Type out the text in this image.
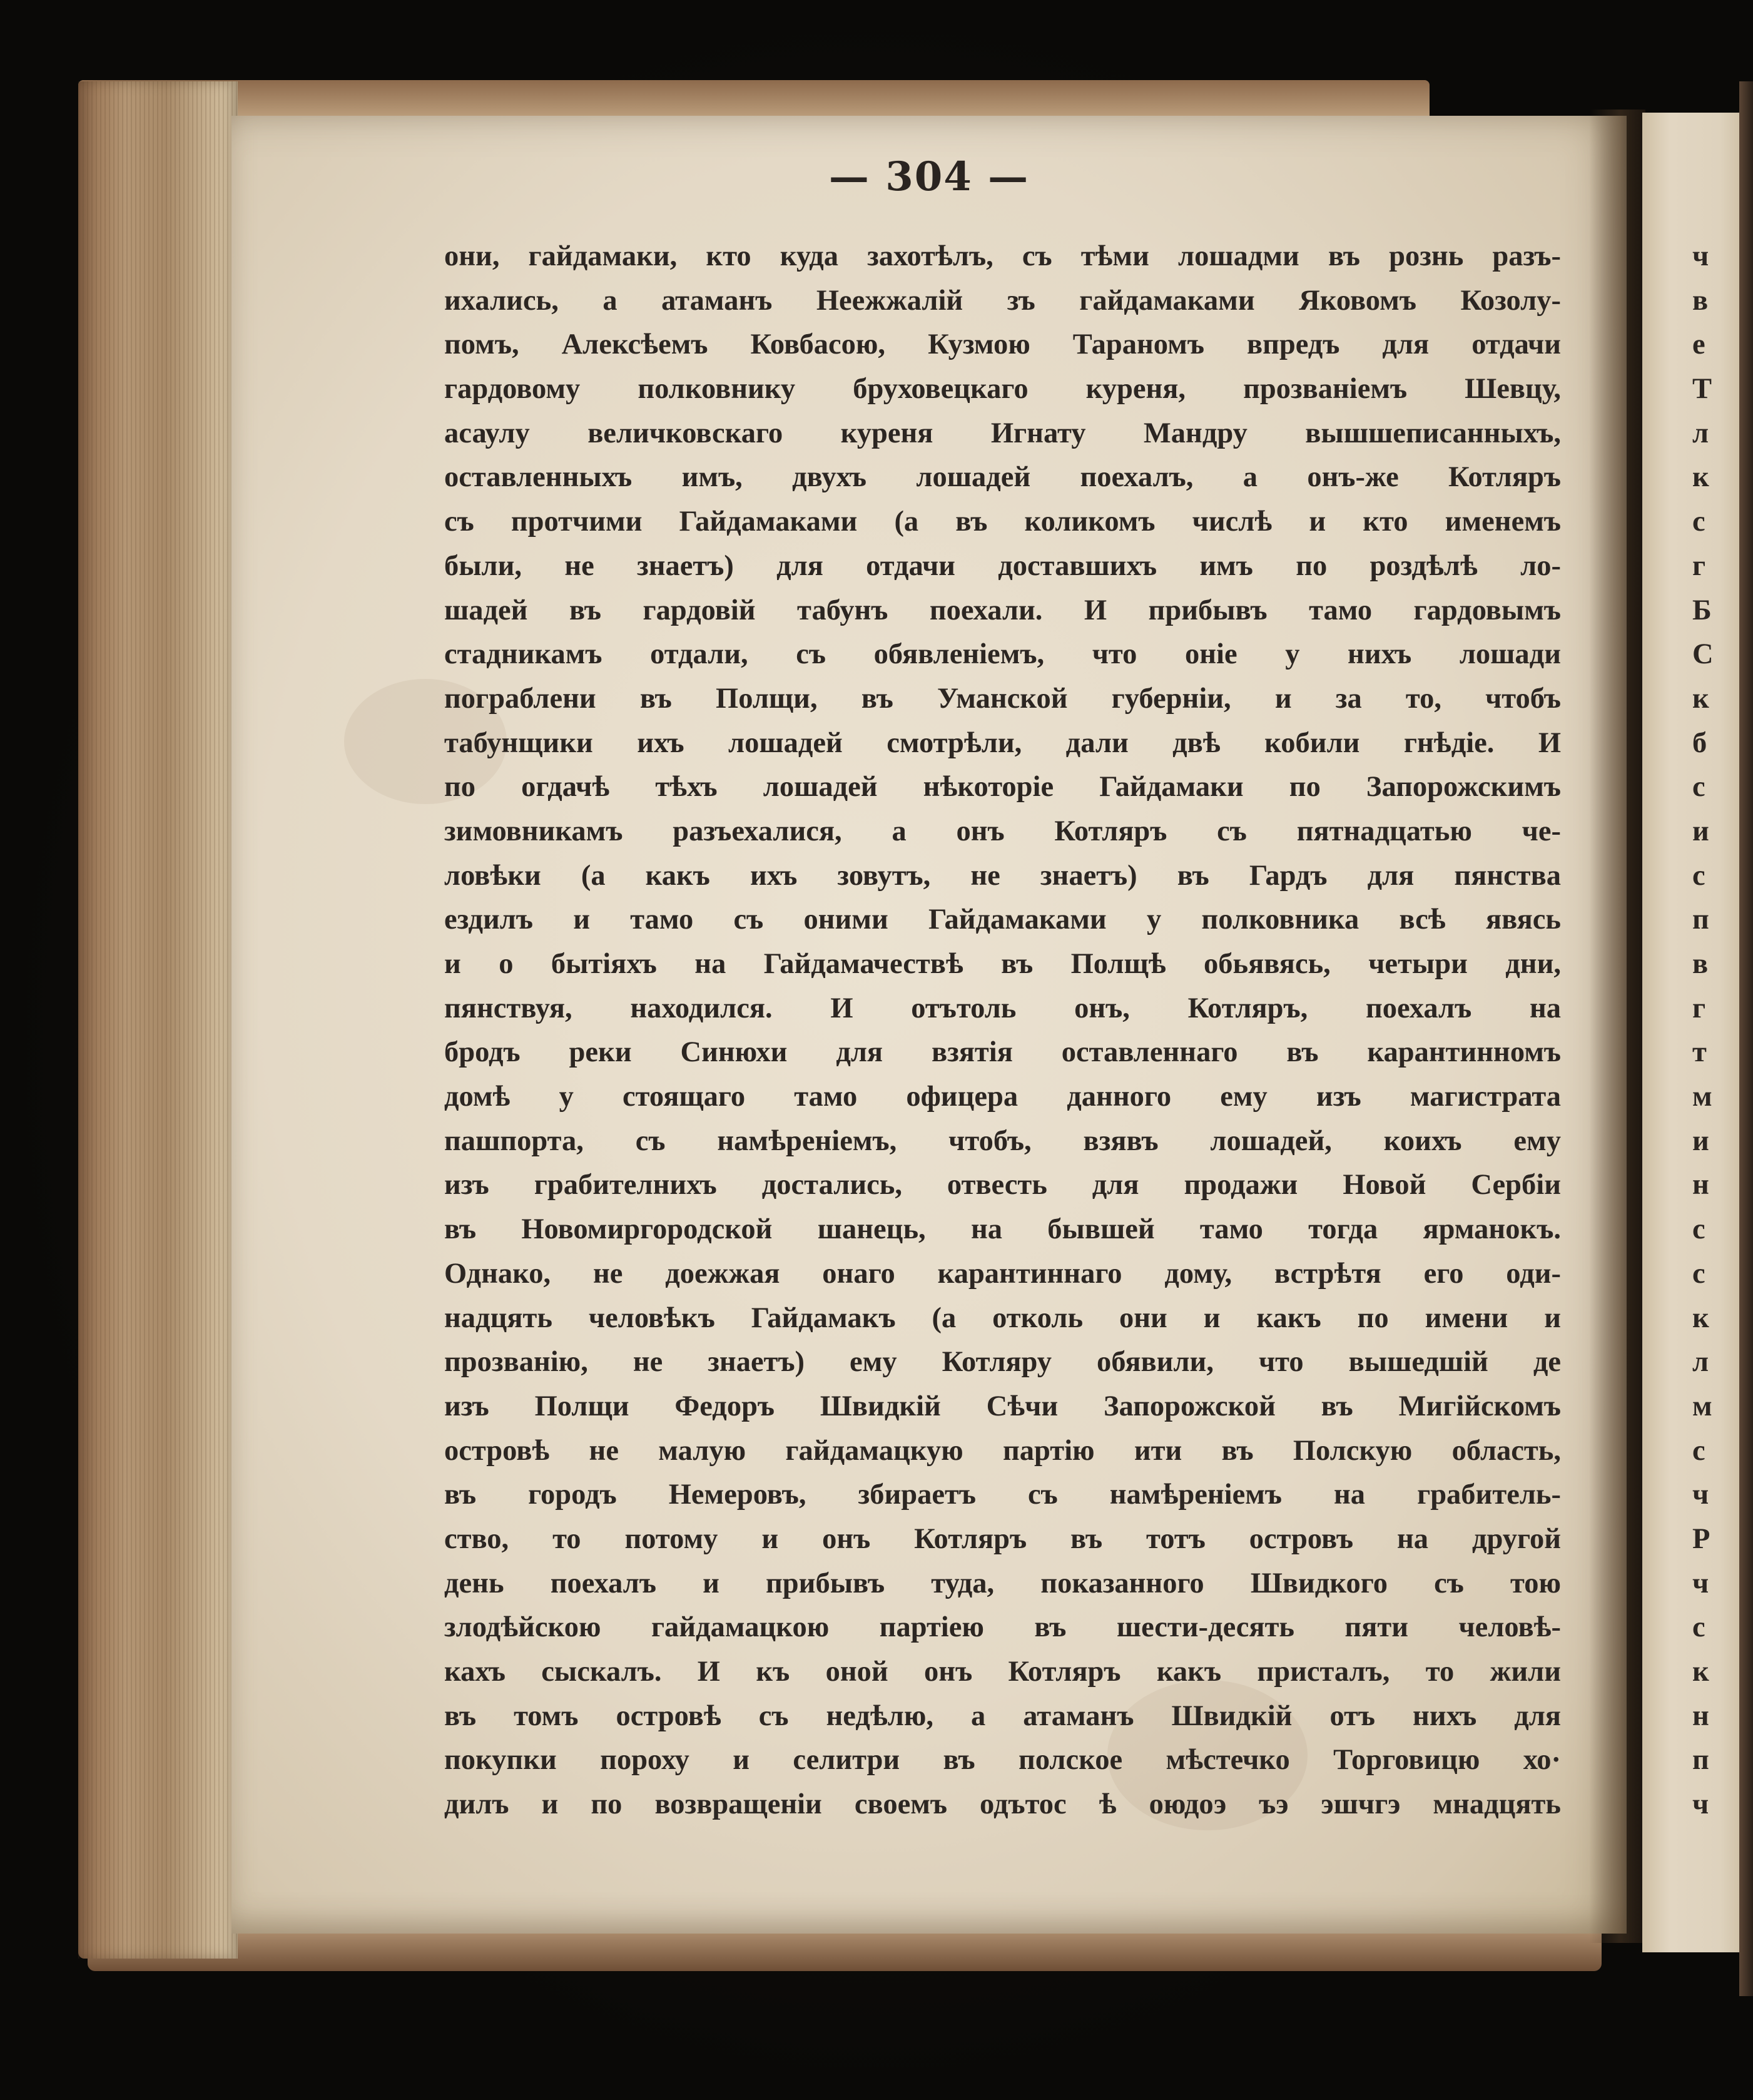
— 304 —
они, гайдамаки, кто куда захотѣлъ, съ тѣми лошадми въ рознь разъ-
ихались, а атаманъ Неежжалій зъ гайдамаками Яковомъ Козолу-
помъ, Алексѣемъ Ковбасою, Кузмою Тараномъ впредъ для отдачи
гардовому полковнику бруховецкаго куреня, прозваніемъ Шевцу,
асаулу величковскаго куреня Игнату Мандру вышшеписанныхъ,
оставленныхъ имъ, двухъ лошадей поехалъ, а онъ-же Котляръ
съ протчими Гайдамаками (а въ коликомъ числѣ и кто именемъ
были, не знаетъ) для отдачи доставшихъ имъ по роздѣлѣ ло-
шадей въ гардовій табунъ поехали. И прибывъ тамо гардовымъ
стадникамъ отдали, съ обявленіемъ, что оніе у нихъ лошади
пограблени въ Полщи, въ Уманской губерніи, и за то, чтобъ
табунщики ихъ лошадей смотрѣли, дали двѣ кобили гнѣдіе. И
по огдачѣ тѣхъ лошадей нѣкоторіе Гайдамаки по Запорожскимъ
зимовникамъ разъехалися, а онъ Котляръ съ пятнадцатью че-
ловѣки (а какъ ихъ зовутъ, не знаетъ) въ Гардъ для пянства
ездилъ и тамо съ оними Гайдамаками у полковника всѣ явясь
и о бытіяхъ на Гайдамачествѣ въ Полщѣ обьявясь, четыри дни,
пянствуя, находился. И отътоль онъ, Котляръ, поехалъ на
бродъ реки Синюхи для взятія оставленнаго въ карантинномъ
домѣ у стоящаго тамо офицера данного ему изъ магистрата
пашпорта, съ намѣреніемъ, чтобъ, взявъ лошадей, коихъ ему
изъ грабителнихъ достались, отвесть для продажи Новой Сербіи
въ Новомиргородской шанець, на бывшей тамо тогда ярманокъ.
Однако, не доежжая онаго карантиннаго дому, встрѣтя его оди-
надцять человѣкъ Гайдамакъ (а отколь они и какъ по имени и
прозванію, не знаетъ) ему Котляру обявили, что вышедшій де
изъ Полщи Федоръ Швидкій Сѣчи Запорожской въ Мигійскомъ
островѣ не малую гайдамацкую партію ити въ Полскую область,
въ городъ Немеровъ, збираетъ съ намѣреніемъ на грабитель-
ство, то потому и онъ Котляръ въ тотъ островъ на другой
день поехалъ и прибывъ туда, показанного Швидкого съ тою
злодѣйскою гайдамацкою партіею въ шести-десять пяти человѣ-
кахъ сыскалъ. И къ оной онъ Котляръ какъ присталъ, то жили
въ томъ островѣ съ недѣлю, а атаманъ Швидкій отъ нихъ для
покупки пороху и селитри въ полское мѣстечко Торговицю хо·
дилъ и по возвращеніи своемъ одътос ѣ оюдоэ ъэ эшчгэ мнадцять
ч
в
е
Т
л
к
с
г
Б
С
к
б
с
и
с
п
в
г
т
м
и
н
с
с
к
л
м
с
ч
Р
ч
с
к
н
п
ч
